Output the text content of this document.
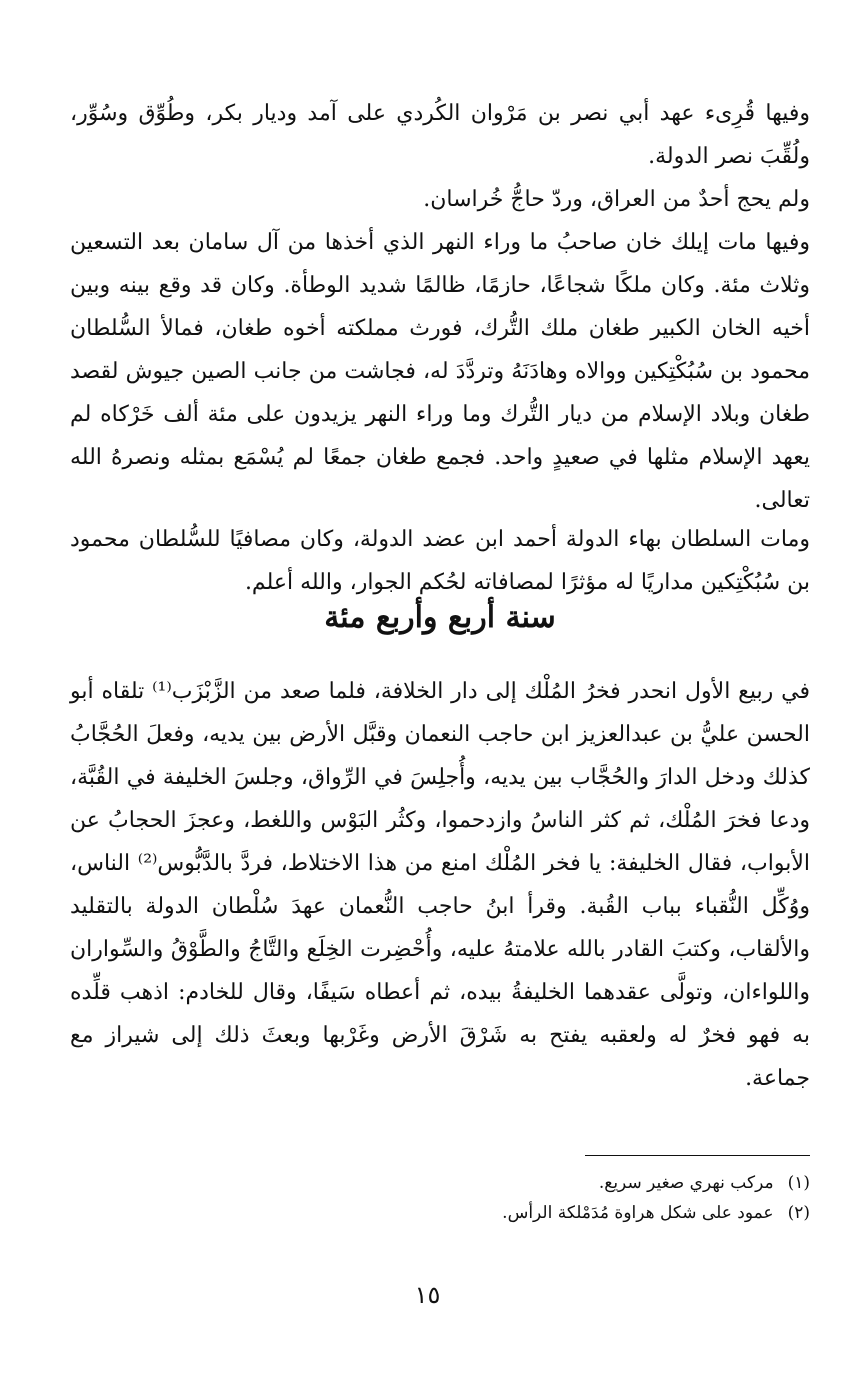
وفيها قُرِىء عهد أبي نصر بن مَرْوان الكُردي على آمد وديار بكر، وطُوِّق وسُوِّر، ولُقِّبَ نصر الدولة.

ولم يحج أحدٌ من العراق، وردّ حاجُّ خُراسان.

وفيها مات إيلك خان صاحبُ ما وراء النهر الذي أخذها من آل سامان بعد التسعين وثلاث مئة. وكان ملكًا شجاعًا، حازمًا، ظالمًا شديد الوطأة. وكان قد وقع بينه وبين أخيه الخان الكبير طغان ملك التُّرك، فورث مملكته أخوه طغان، فمالأ السُّلطان محمود بن سُبُكْتِكين ووالاه وهادَنَهُ وتردَّدَ له، فجاشت من جانب الصين جيوش لقصد طغان وبلاد الإسلام من ديار التُّرك وما وراء النهر يزيدون على مئة ألف خَرْكاه لم يعهد الإسلام مثلها في صعيدٍ واحد. فجمع طغان جمعًا لم يُسْمَع بمثله ونصرهُ الله تعالى.

ومات السلطان بهاء الدولة أحمد ابن عضد الدولة، وكان مصافيًا للسُّلطان محمود بن سُبُكْتِكين مداريًا له مؤثرًا لمصافاته لحُكم الجوار، والله أعلم.

سنة أربع وأربع مئة

في ربيع الأول انحدر فخرُ المُلْك إلى دار الخلافة، فلما صعد من الزَّبْزَب⁽¹⁾ تلقاه أبو الحسن عليُّ بن عبدالعزيز ابن حاجب النعمان وقبَّل الأرض بين يديه، وفعلَ الحُجَّابُ كذلك ودخل الدارَ والحُجَّاب بين يديه، وأُجلِسَ في الرِّواق، وجلسَ الخليفة في القُبَّة، ودعا فخرَ المُلْك، ثم كثر الناسُ وازدحموا، وكثُر البَوْس واللغط، وعجزَ الحجابُ عن الأبواب، فقال الخليفة: يا فخر المُلْك امنع من هذا الاختلاط، فردَّ بالدَّبُّوس⁽²⁾ الناس، ووُكِّل النُّقباء بباب القُبة. وقرأ ابنُ حاجب النُّعمان عهدَ سُلْطان الدولة بالتقليد والألقاب، وكتبَ القادر بالله علامتهُ عليه، وأُحْضِرت الخِلَع والتَّاجُ والطَّوْقُ والسِّواران واللواءان، وتولَّى عقدهما الخليفةُ بيده، ثم أعطاه سَيفًا، وقال للخادم: اذهب قلِّده به فهو فخرٌ له ولعقبه يفتح به شَرْقَ الأرض وغَرْبها وبعثَ ذلك إلى شيراز مع جماعة.

(١)مركب نهري صغير سريع.
(٢)عمود على شكل هراوة مُدَمْلكة الرأس.
١٥
